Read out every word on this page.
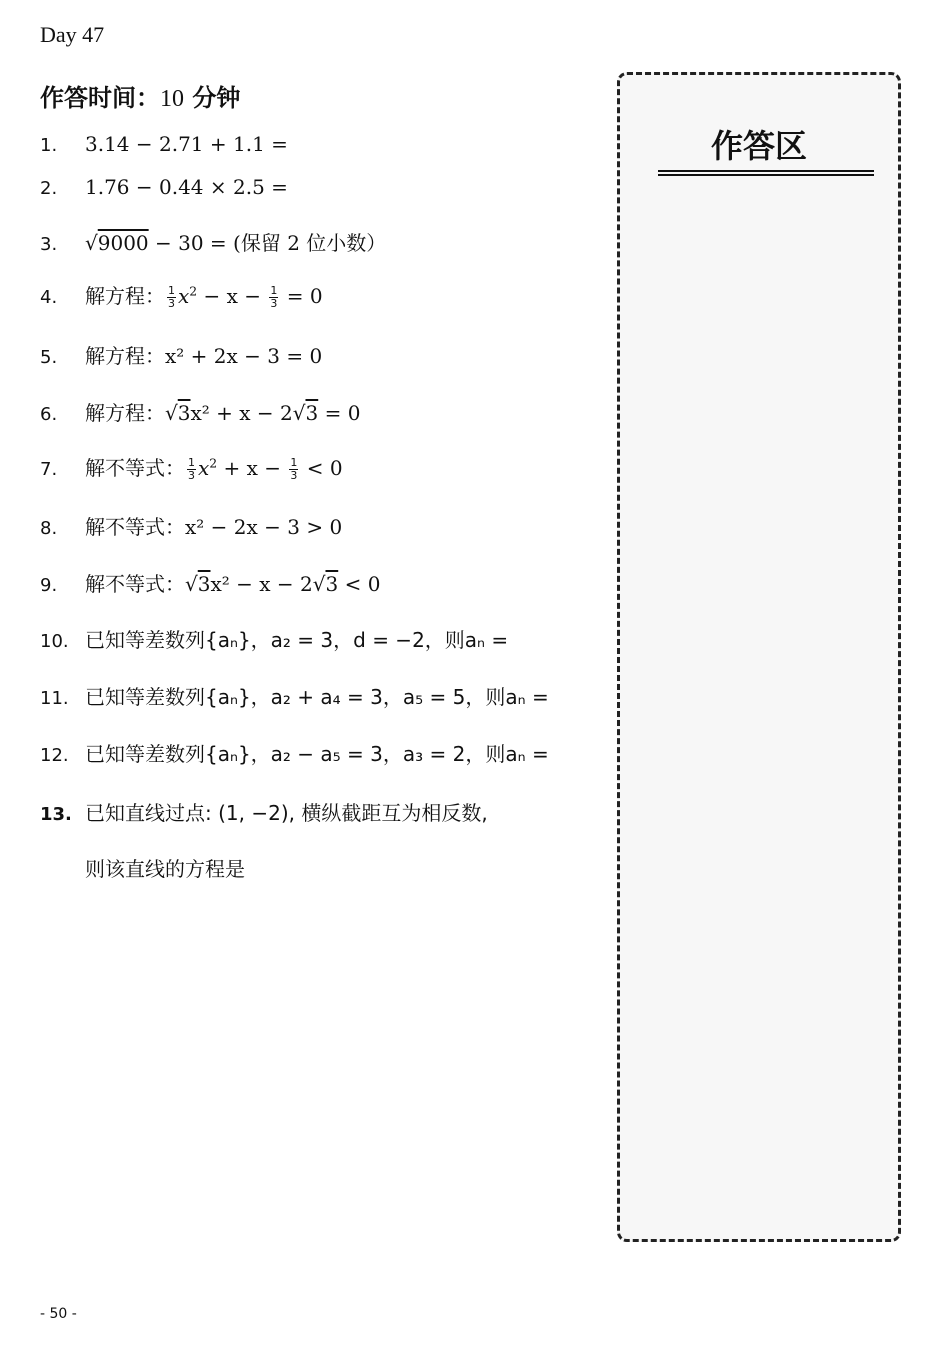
Day 47
作答时间：10 分钟
1. 3.14 − 2.71 + 1.1 =
2. 1.76 − 0.44 × 2.5 =
3. √9000 − 30 = (保留 2 位小数）
4. 解方程： $\frac{1}{3} x^2 - x - \frac{1}{3} = 0$
5. 解方程：x² + 2x − 3 = 0
6. 解方程：√3x² + x − 2√3 = 0
7. 解不等式： $\frac{1}{3} x^2 + x - \frac{1}{3} < 0$
8. 解不等式：x² − 2x − 3 > 0
9. 解不等式：√3x² − x − 2√3 < 0
10. 已知等差数列{aₙ}，a₂ = 3，d = −2，则aₙ =
11. 已知等差数列{aₙ}，a₂ + a₄ = 3，a₅ = 5，则aₙ =
12. 已知等差数列{aₙ}，a₂ − a₅ = 3，a₃ = 2，则aₙ =
13. 已知直线过点: (1, −2), 横纵截距互为相反数,
则该直线的方程是
作答区
- 50 -
